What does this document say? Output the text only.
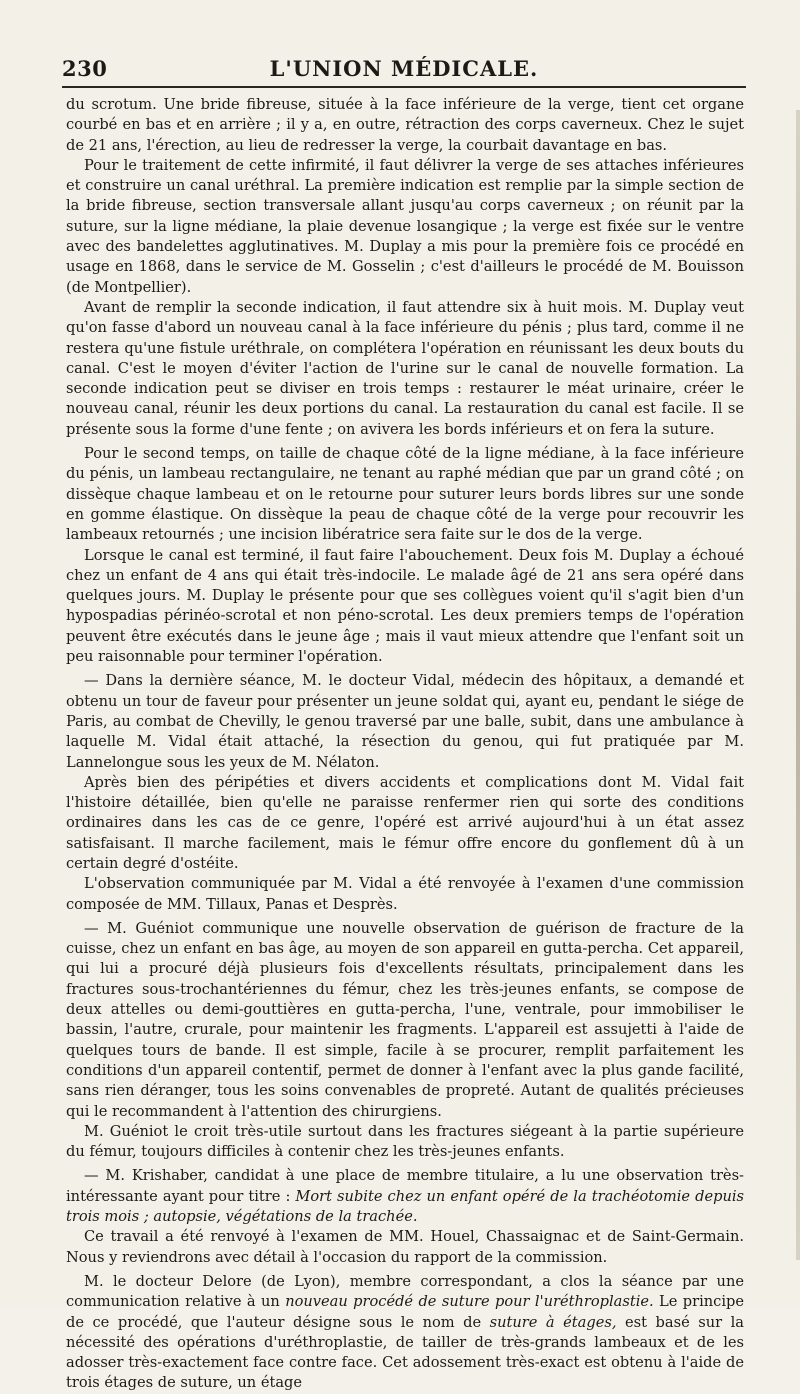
230	L'UNION MÉDICALE.

du scrotum. Une bride fibreuse, située à la face inférieure de la verge, tient cet organe courbé en bas et en arrière ; il y a, en outre, rétraction des corps caverneux. Chez le sujet de 21 ans, l'érection, au lieu de redresser la verge, la courbait davantage en bas.

Pour le traitement de cette infirmité, il faut délivrer la verge de ses attaches inférieures et construire un canal uréthral. La première indication est remplie par la simple section de la bride fibreuse, section transversale allant jusqu'au corps caverneux ; on réunit par la suture, sur la ligne médiane, la plaie devenue losangique ; la verge est fixée sur le ventre avec des bandelettes agglutinatives. M. Duplay a mis pour la première fois ce procédé en usage en 1868, dans le service de M. Gosselin ; c'est d'ailleurs le procédé de M. Bouisson (de Montpellier).

Avant de remplir la seconde indication, il faut attendre six à huit mois. M. Duplay veut qu'on fasse d'abord un nouveau canal à la face inférieure du pénis ; plus tard, comme il ne restera qu'une fistule uréthrale, on complétera l'opération en réunissant les deux bouts du canal. C'est le moyen d'éviter l'action de l'urine sur le canal de nouvelle formation. La seconde indication peut se diviser en trois temps : restaurer le méat urinaire, créer le nouveau canal, réunir les deux portions du canal. La restauration du canal est facile. Il se présente sous la forme d'une fente ; on avivera les bords inférieurs et on fera la suture.

Pour le second temps, on taille de chaque côté de la ligne médiane, à la face inférieure du pénis, un lambeau rectangulaire, ne tenant au raphé médian que par un grand côté ; on dissèque chaque lambeau et on le retourne pour suturer leurs bords libres sur une sonde en gomme élastique. On dissèque la peau de chaque côté de la verge pour recouvrir les lambeaux retournés ; une incision libératrice sera faite sur le dos de la verge.

Lorsque le canal est terminé, il faut faire l'abouchement. Deux fois M. Duplay a échoué chez un enfant de 4 ans qui était très-indocile. Le malade âgé de 21 ans sera opéré dans quelques jours. M. Duplay le présente pour que ses collègues voient qu'il s'agit bien d'un hypospadias périnéo-scrotal et non péno-scrotal. Les deux premiers temps de l'opération peuvent être exécutés dans le jeune âge ; mais il vaut mieux attendre que l'enfant soit un peu raisonnable pour terminer l'opération.

— Dans la dernière séance, M. le docteur Vidal, médecin des hôpitaux, a demandé et obtenu un tour de faveur pour présenter un jeune soldat qui, ayant eu, pendant le siége de Paris, au combat de Chevilly, le genou traversé par une balle, subit, dans une ambulance à laquelle M. Vidal était attaché, la résection du genou, qui fut pratiquée par M. Lannelongue sous les yeux de M. Nélaton.

Après bien des péripéties et divers accidents et complications dont M. Vidal fait l'histoire détaillée, bien qu'elle ne paraisse renfermer rien qui sorte des conditions ordinaires dans les cas de ce genre, l'opéré est arrivé aujourd'hui à un état assez satisfaisant. Il marche facilement, mais le fémur offre encore du gonflement dû à un certain degré d'ostéite.

L'observation communiquée par M. Vidal a été renvoyée à l'examen d'une commission composée de MM. Tillaux, Panas et Desprès.

— M. Guéniot communique une nouvelle observation de guérison de fracture de la cuisse, chez un enfant en bas âge, au moyen de son appareil en gutta-percha. Cet appareil, qui lui a procuré déjà plusieurs fois d'excellents résultats, principalement dans les fractures sous-trochantériennes du fémur, chez les très-jeunes enfants, se compose de deux attelles ou demi-gouttières en gutta-percha, l'une, ventrale, pour immobiliser le bassin, l'autre, crurale, pour maintenir les fragments. L'appareil est assujetti à l'aide de quelques tours de bande. Il est simple, facile à se procurer, remplit parfaitement les conditions d'un appareil contentif, permet de donner à l'enfant avec la plus gande facilité, sans rien déranger, tous les soins convenables de propreté. Autant de qualités précieuses qui le recommandent à l'attention des chirurgiens.

M. Guéniot le croit très-utile surtout dans les fractures siégeant à la partie supérieure du fémur, toujours difficiles à contenir chez les très-jeunes enfants.

— M. Krishaber, candidat à une place de membre titulaire, a lu une observation très-intéressante ayant pour titre : Mort subite chez un enfant opéré de la trachéotomie depuis trois mois ; autopsie, végétations de la trachée.

Ce travail a été renvoyé à l'examen de MM. Houel, Chassaignac et de Saint-Germain. Nous y reviendrons avec détail à l'occasion du rapport de la commission.

M. le docteur Delore (de Lyon), membre correspondant, a clos la séance par une communication relative à un nouveau procédé de suture pour l'uréthroplastie. Le principe de ce procédé, que l'auteur désigne sous le nom de suture à étages, est basé sur la nécessité des opérations d'uréthroplastie, de tailler de très-grands lambeaux et de les adosser très-exactement face contre face. Cet adossement très-exact est obtenu à l'aide de trois étages de suture, un étage
